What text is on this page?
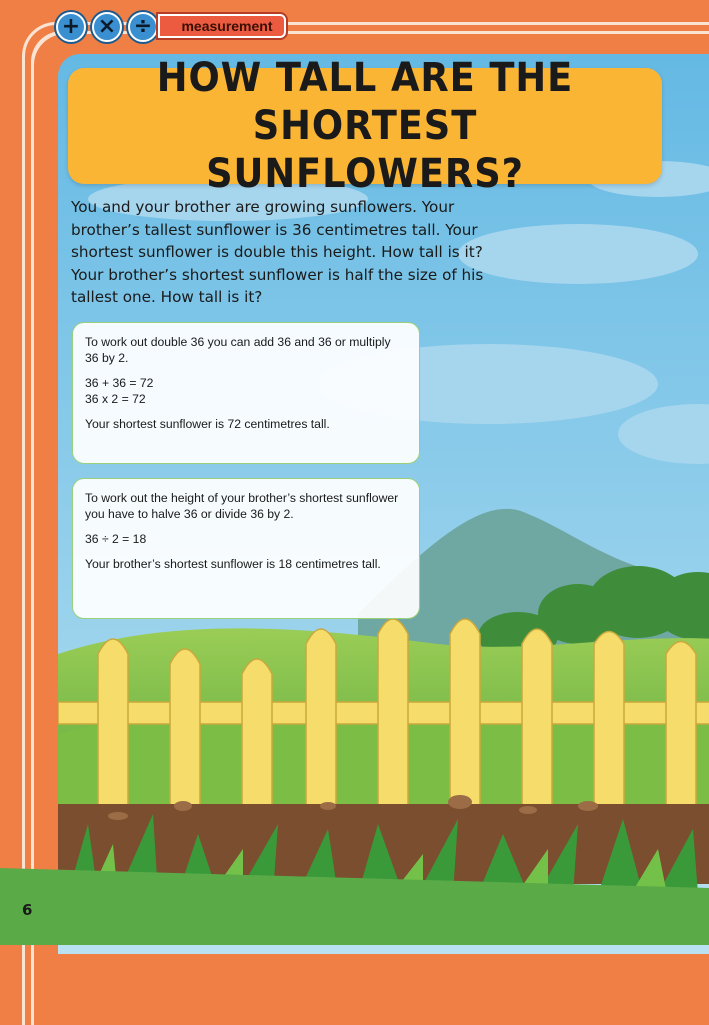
+ × ÷	measurement
HOW TALL ARE THE
SHORTEST SUNFLOWERS?

You and your brother are growing sunflowers. Your brother’s tallest sunflower is 36 centimetres tall. Your shortest sunflower is double this height. How tall is it? Your brother’s shortest sunflower is half the size of his tallest one. How tall is it?

To work out double 36 you can add 36 and 36 or multiply 36 by 2.

36 + 36 = 72

36 x 2 = 72

Your shortest sunflower is 72 centimetres tall.

To work out the height of your brother’s shortest sunflower you have to halve 36 or divide 36 by 2.

36 ÷ 2 = 18

Your brother’s shortest sunflower is 18 centimetres tall.

6
